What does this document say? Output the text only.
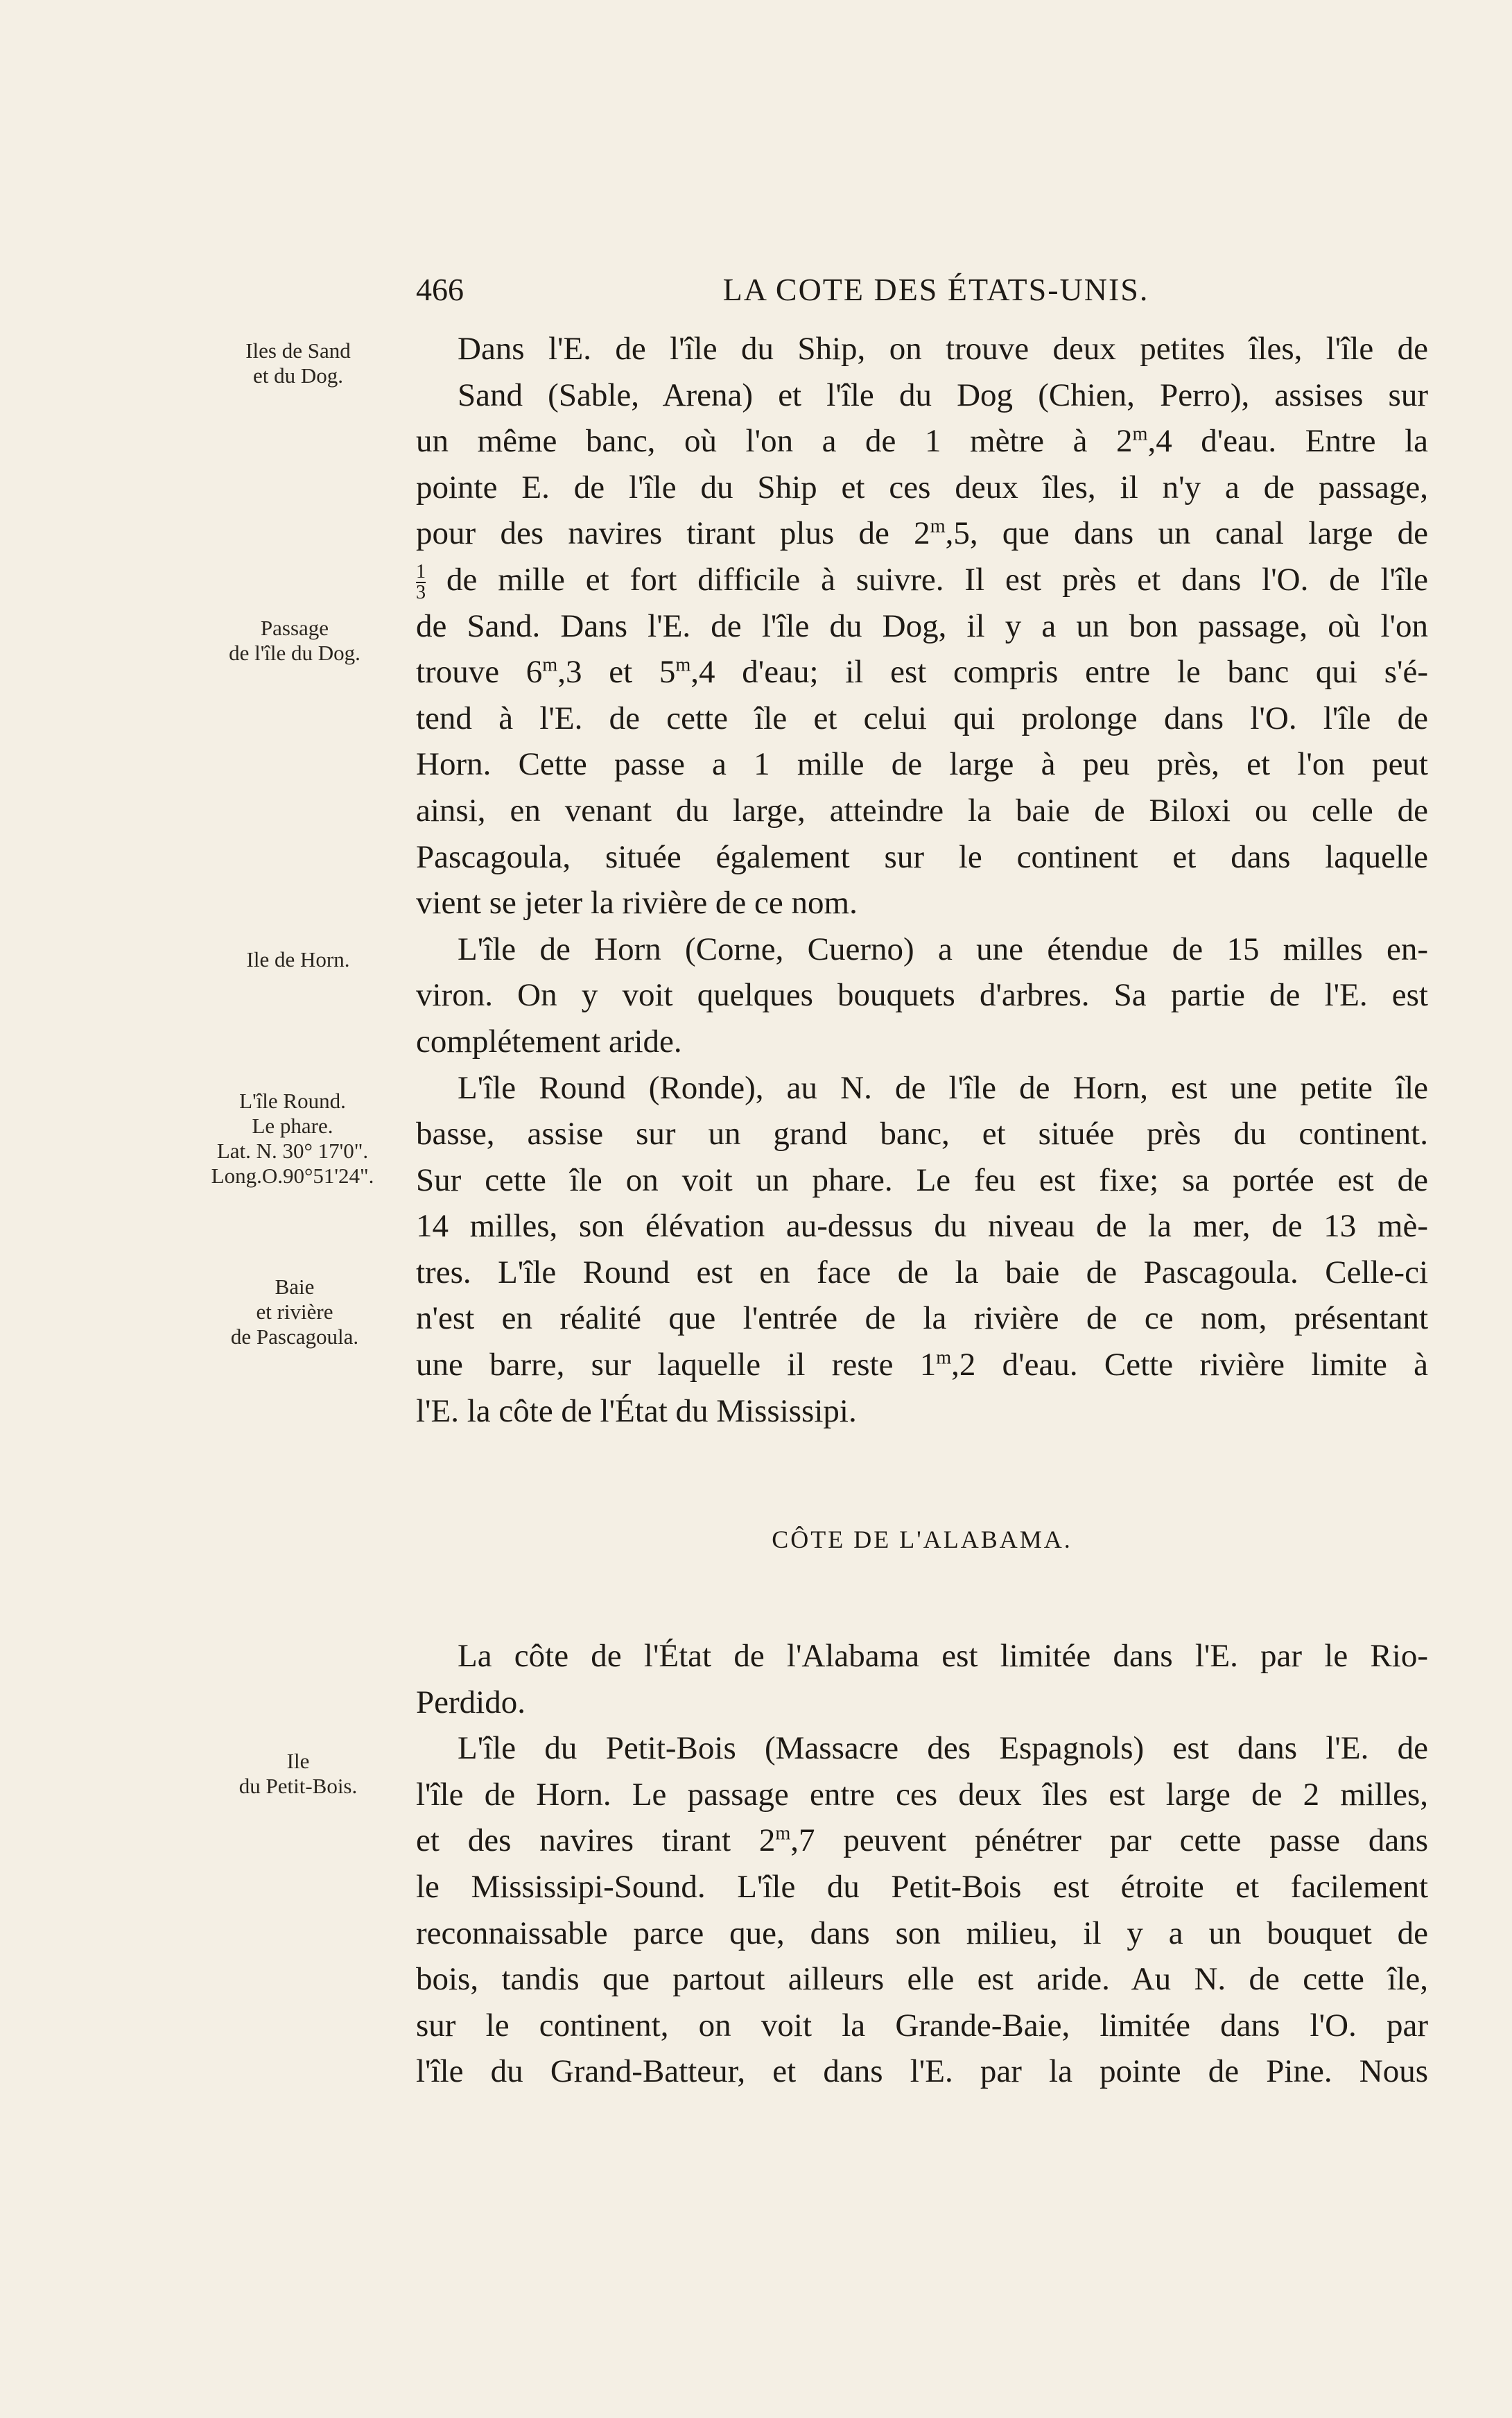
466	LA COTE DES ÉTATS-UNIS.
Iles de Sand
et du Dog.
Passage
de l'île du Dog.
Ile de Horn.
L'île Round.
Le phare.
Lat. N. 30° 17'0".
Long.O.90°51'24".
Baie
et rivière
de Pascagoula.
Ile
du Petit-Bois.
Dans l'E. de l'île du Ship, on trouve deux petites îles, l'île de
Sand (Sable, Arena) et l'île du Dog (Chien, Perro), assises sur
un même banc, où l'on a de 1 mètre à 2$^m$,4 d'eau. Entre la
pointe E. de l'île du Ship et ces deux îles, il n'y a de passage,
pour des navires tirant plus de 2$^m$,5, que dans un canal large de
$\frac{1}{3}$ de mille et fort difficile à suivre. Il est près et dans l'O. de l'île
de Sand. Dans l'E. de l'île du Dog, il y a un bon passage, où l'on
trouve 6$^m$,3 et 5$^m$,4 d'eau; il est compris entre le banc qui s'é-
tend à l'E. de cette île et celui qui prolonge dans l'O. l'île de
Horn. Cette passe a 1 mille de large à peu près, et l'on peut
ainsi, en venant du large, atteindre la baie de Biloxi ou celle de
Pascagoula, située également sur le continent et dans laquelle
vient se jeter la rivière de ce nom.
L'île de Horn (Corne, Cuerno) a une étendue de 15 milles en-
viron. On y voit quelques bouquets d'arbres. Sa partie de l'E. est
complétement aride.
L'île Round (Ronde), au N. de l'île de Horn, est une petite île
basse, assise sur un grand banc, et située près du continent.
Sur cette île on voit un phare. Le feu est fixe; sa portée est de
14 milles, son élévation au-dessus du niveau de la mer, de 13 mè-
tres. L'île Round est en face de la baie de Pascagoula. Celle-ci
n'est en réalité que l'entrée de la rivière de ce nom, présentant
une barre, sur laquelle il reste 1$^m$,2 d'eau. Cette rivière limite à
l'E. la côte de l'État du Mississipi.
CÔTE DE L'ALABAMA.
La côte de l'État de l'Alabama est limitée dans l'E. par le Rio-
Perdido.
L'île du Petit-Bois (Massacre des Espagnols) est dans l'E. de
l'île de Horn. Le passage entre ces deux îles est large de 2 milles,
et des navires tirant 2$^m$,7 peuvent pénétrer par cette passe dans
le Mississipi-Sound. L'île du Petit-Bois est étroite et facilement
reconnaissable parce que, dans son milieu, il y a un bouquet de
bois, tandis que partout ailleurs elle est aride. Au N. de cette île,
sur le continent, on voit la Grande-Baie, limitée dans l'O. par
l'île du Grand-Batteur, et dans l'E. par la pointe de Pine. Nous
